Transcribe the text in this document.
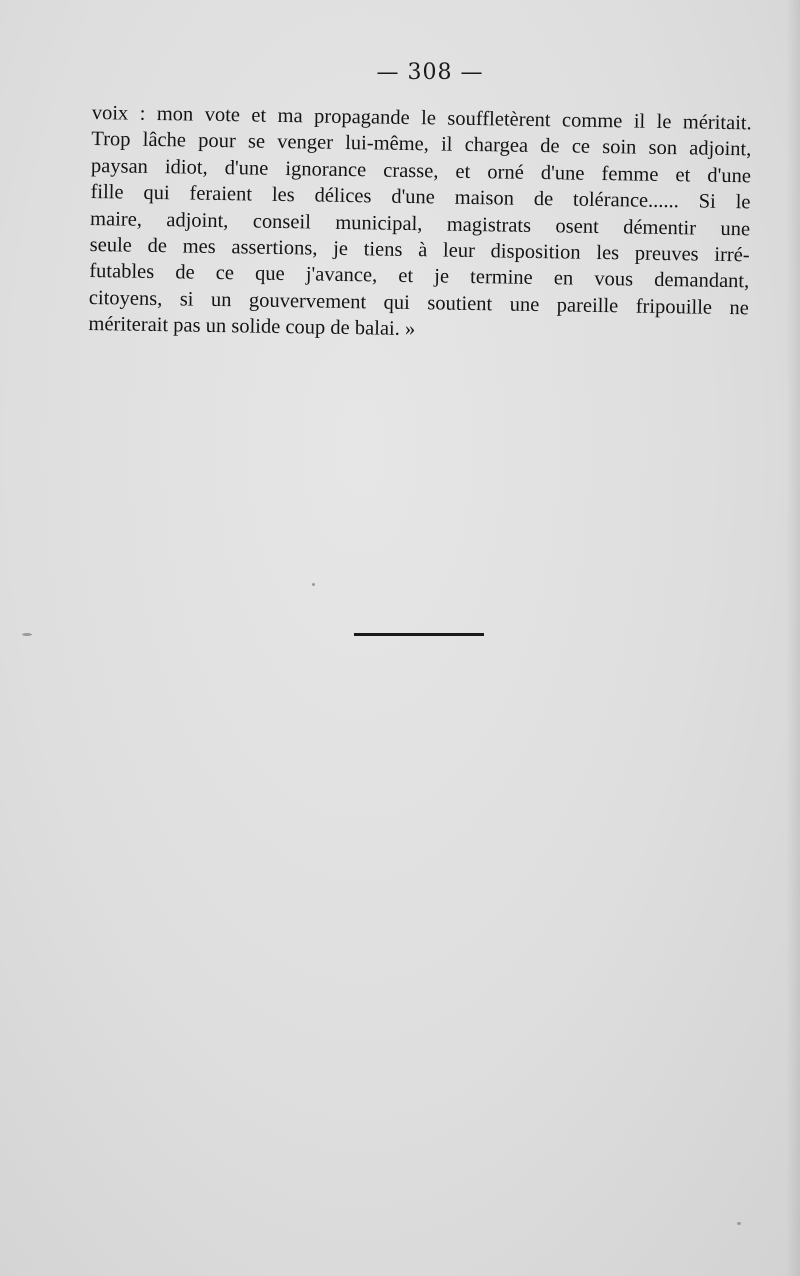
— 308 —
voix : mon vote et ma propagande le souffletèrent comme il le méritait.
Trop lâche pour se venger lui-même, il chargea de ce soin son adjoint,
paysan idiot, d'une ignorance crasse, et orné d'une femme et d'une
fille qui feraient les délices d'une maison de tolérance...... Si le
maire, adjoint, conseil municipal, magistrats osent démentir une
seule de mes assertions, je tiens à leur disposition les preuves irré-
futables de ce que j'avance, et je termine en vous demandant,
citoyens, si un gouvervement qui soutient une pareille fripouille ne
mériterait pas un solide coup de balai. »
